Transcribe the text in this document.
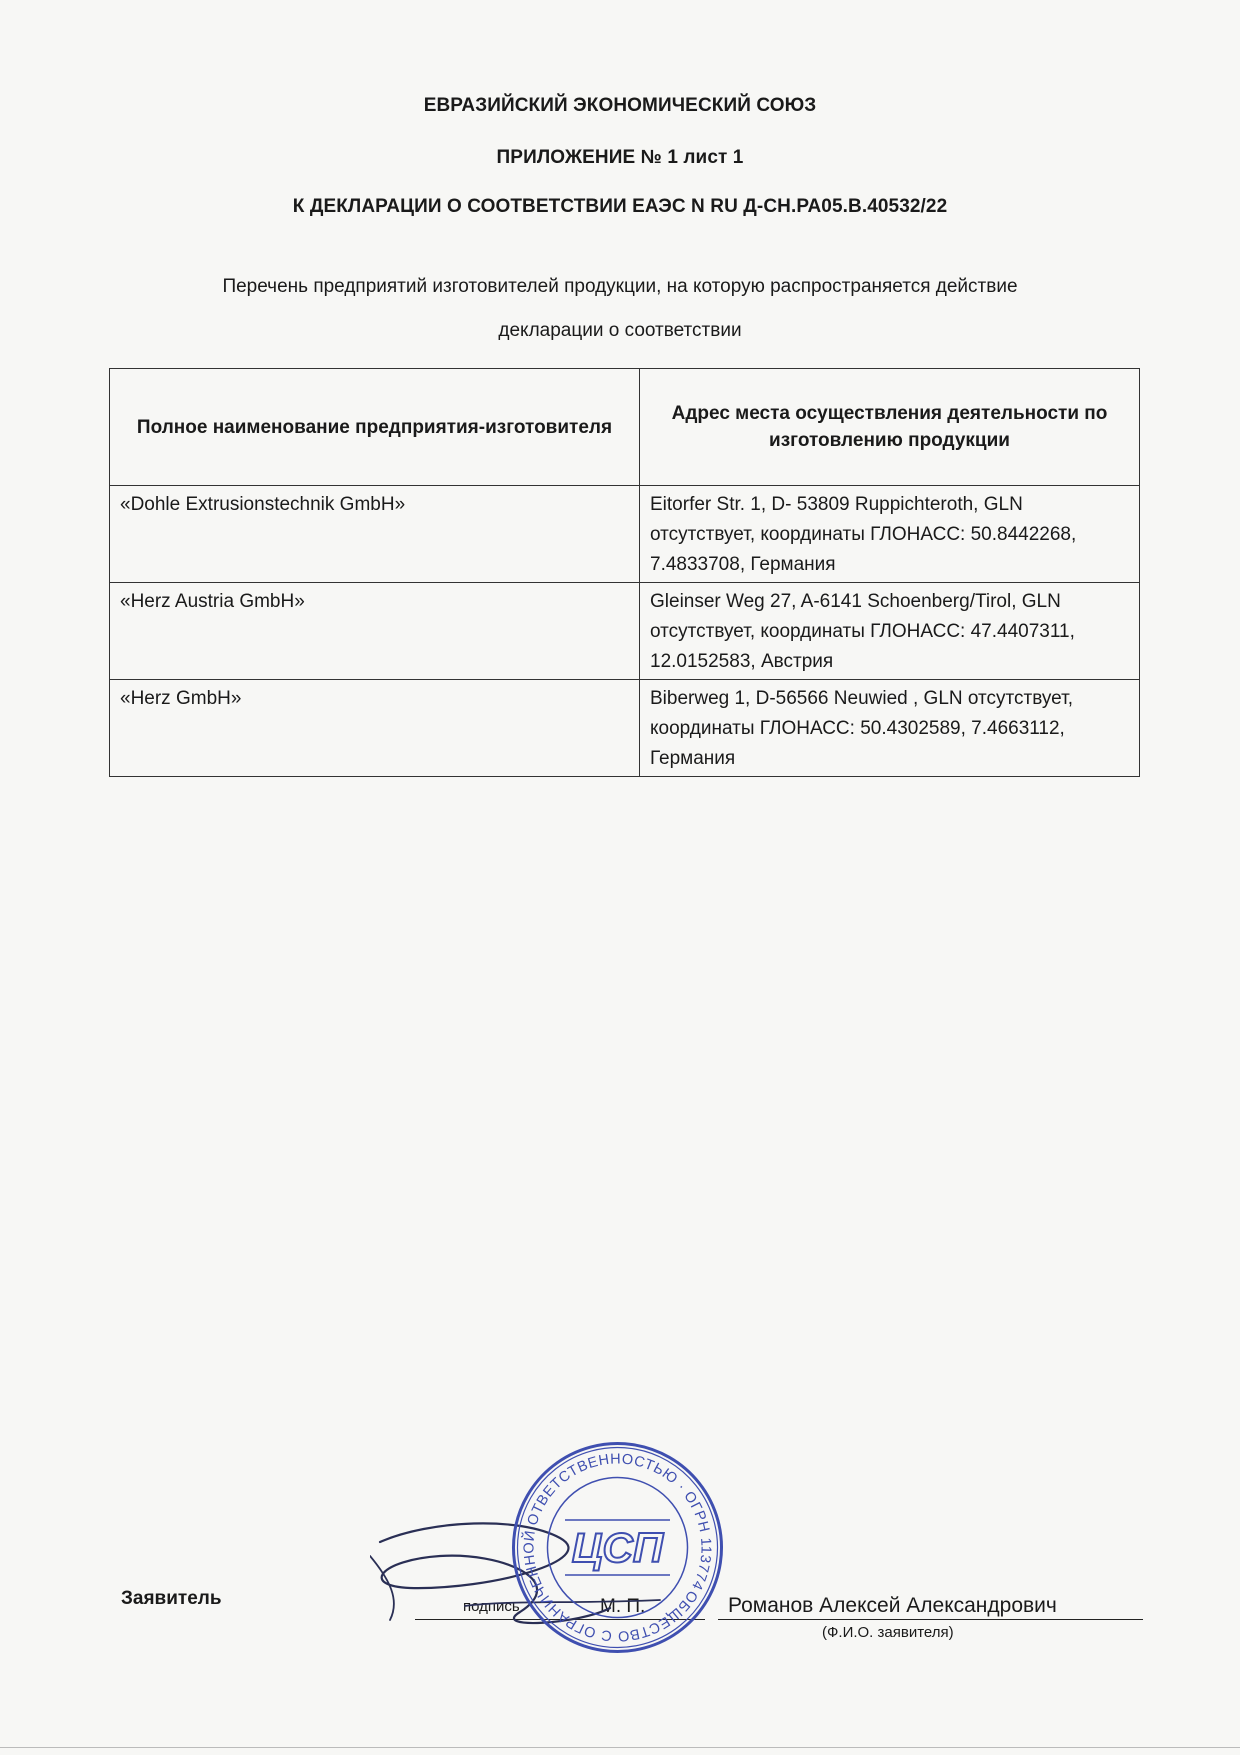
ЕВРАЗИЙСКИЙ ЭКОНОМИЧЕСКИЙ СОЮЗ
ПРИЛОЖЕНИЕ № 1 лист 1
К ДЕКЛАРАЦИИ О СООТВЕТСТВИИ ЕАЭС N RU Д-СН.РА05.В.40532/22
Перечень предприятий изготовителей продукции, на которую распространяется действие
декларации о соответствии
Полное наименование предприятия-изготовителя	Адрес места осуществления деятельности по изготовлению продукции
«Dohle Extrusionstechnik GmbH»	Eitorfer Str. 1, D- 53809 Ruppichteroth, GLN отсутствует, координаты ГЛОНАСС: 50.8442268, 7.4833708, Германия
«Herz Austria GmbH»	Gleinser Weg 27, A-6141 Schoenberg/Tirol, GLN отсутствует, координаты ГЛОНАСС: 47.4407311, 12.0152583, Австрия
«Herz GmbH»	Biberweg 1, D-56566 Neuwied , GLN отсутствует, координаты ГЛОНАСС: 50.4302589, 7.4663112, Германия
Заявитель	подпись	М. П.	Романов Алексей Александрович
(Ф.И.О. заявителя)
ОБЩЕСТВО С ОГРАНИЧЕННОЙ ОТВЕТСТВЕННОСТЬЮ · ОГРН 1137746275754
ЦСП
